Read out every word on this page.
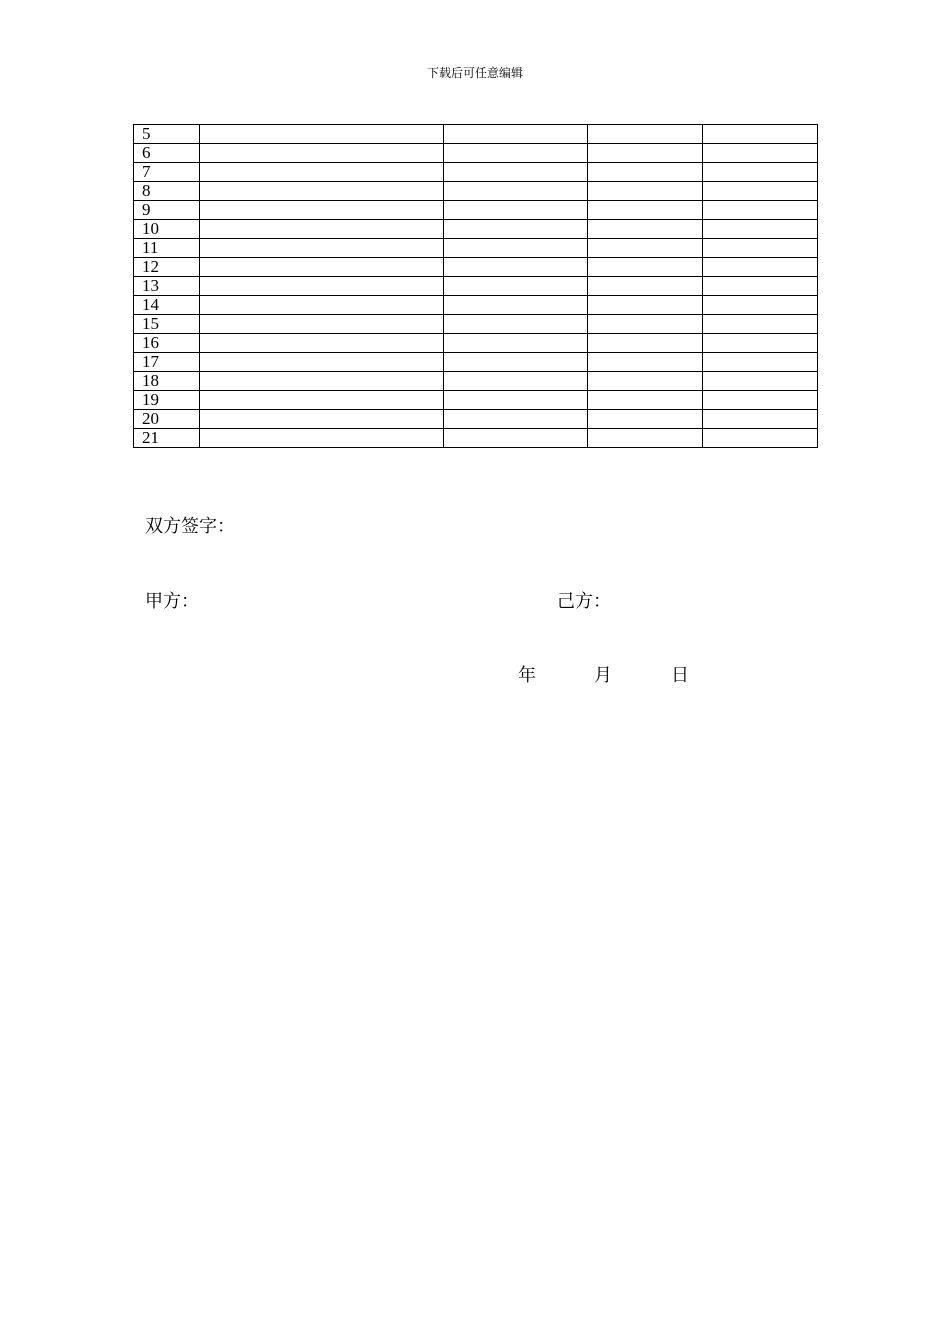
下载后可任意编辑
5				
6				
7				
8				
9				
10				
11				
12				
13				
14				
15				
16				
17				
18				
19				
20				
21				
双方签字：
甲方：	己方：
年	月	日
